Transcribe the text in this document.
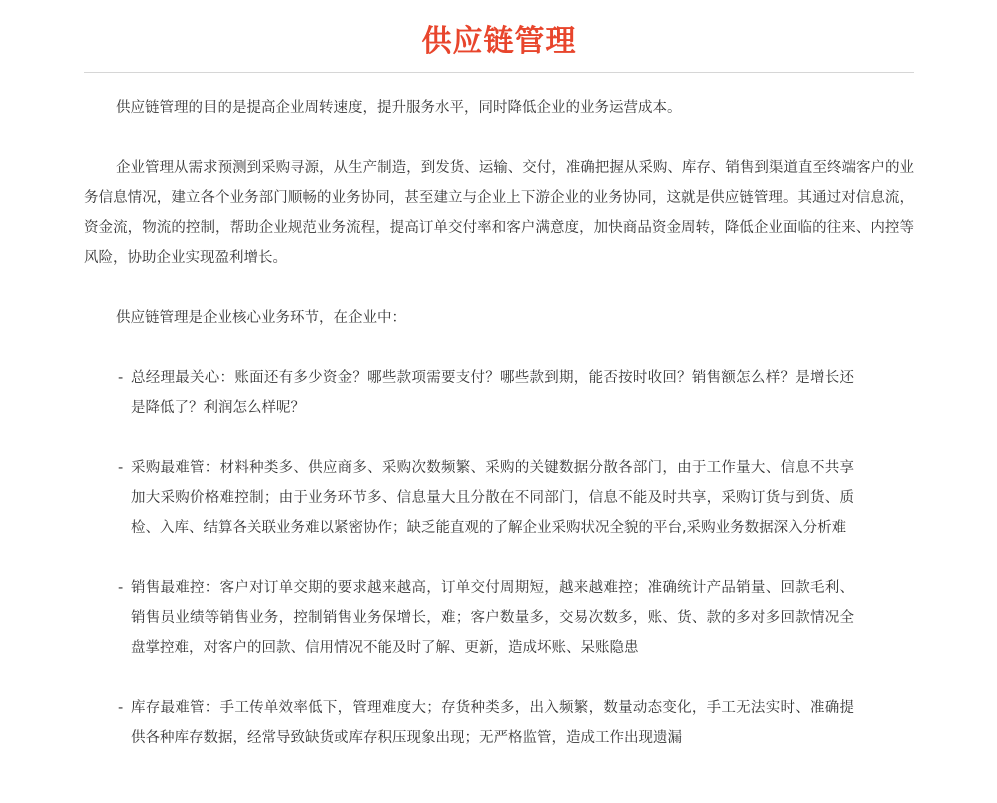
供应链管理

供应链管理的目的是提高企业周转速度，提升服务水平，同时降低企业的业务运营成本。

企业管理从需求预测到采购寻源，从生产制造，到发货、运输、交付，准确把握从采购、库存、销售到渠道直至终端客户的业务信息情况，建立各个业务部门顺畅的业务协同，甚至建立与企业上下游企业的业务协同，这就是供应链管理。其通过对信息流，资金流，物流的控制，帮助企业规范业务流程，提高订单交付率和客户满意度，加快商品资金周转，降低企业面临的往来、内控等风险，协助企业实现盈利增长。

供应链管理是企业核心业务环节，在企业中：

- 总经理最关心：账面还有多少资金？哪些款项需要支付？哪些款到期，能否按时收回？销售额怎么样？是增长还是降低了？利润怎么样呢？
- 采购最难管：材料种类多、供应商多、采购次数频繁、采购的关键数据分散各部门，由于工作量大、信息不共享加大采购价格难控制；由于业务环节多、信息量大且分散在不同部门，信息不能及时共享，采购订货与到货、质检、入库、结算各关联业务难以紧密协作；缺乏能直观的了解企业采购状况全貌的平台,采购业务数据深入分析难
- 销售最难控：客户对订单交期的要求越来越高，订单交付周期短，越来越难控；准确统计产品销量、回款毛利、销售员业绩等销售业务，控制销售业务保增长，难；客户数量多，交易次数多，账、货、款的多对多回款情况全盘掌控难，对客户的回款、信用情况不能及时了解、更新，造成坏账、呆账隐患
- 库存最难管：手工传单效率低下，管理难度大；存货种类多，出入频繁，数量动态变化，手工无法实时、准确提供各种库存数据，经常导致缺货或库存积压现象出现；无严格监管，造成工作出现遗漏
